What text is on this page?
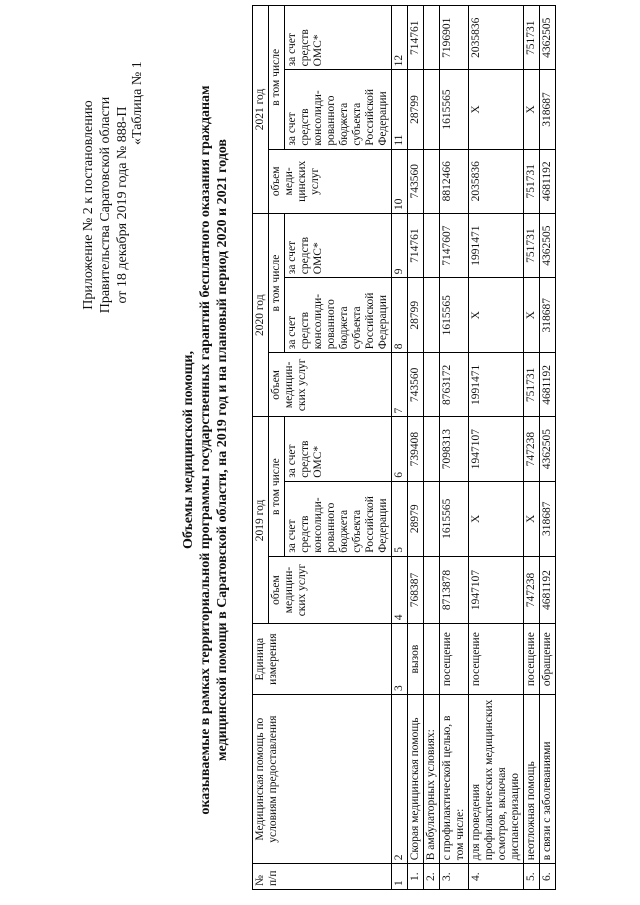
Приложение № 2 к постановлению Правительства Саратовской области от 18 декабря 2019 года № 888-П
«Таблица № 1
Объемы медицинской помощи, оказываемые в рамках территориальной программы государственных гарантий бесплатного оказания гражданам медицинской помощи в Саратовской области, на 2019 год и на плановый период 2020 и 2021 годов
№ п/п	Медицинская помощь по условиям предоставления	Единица измерения	2019 год			2020 год			2021 год		
			объем медицин-ских услуг	в том числе		объем медицин-ских услуг	в том числе		объем меди-цинских услуг	в том числе	
				за счет средств консолиди-рованного бюджета субъекта Российской Федерации	за счет средств ОМС*		за счет средств консолиди-рованного бюджета субъекта Российской Федерации	за счет средств ОМС*		за счет средств консолиди-рованного бюджета субъекта Российской Федерации	за счет средств ОМС*
1	2	3	4	5	6	7	8	9	10	11	12
1.	Скорая медицинская помощь	вызов	768387	28979	739408	743560	28799	714761	743560	28799	714761
2.	В амбулаторных условиях:										
3.	с профилактической целью, в том числе:	посещение	8713878	1615565	7098313	8763172	1615565	7147607	8812466	1615565	7196901
4.	для проведения профилактических медицинских осмотров, включая диспансеризацию	посещение	1947107	X	1947107	1991471	X	1991471	2035836	X	2035836
5.	неотложная помощь	посещение	747238	X	747238	751731	X	751731	751731	X	751731
6.	в связи с заболеваниями	обращение	4681192	318687	4362505	4681192	318687	4362505	4681192	318687	4362505
